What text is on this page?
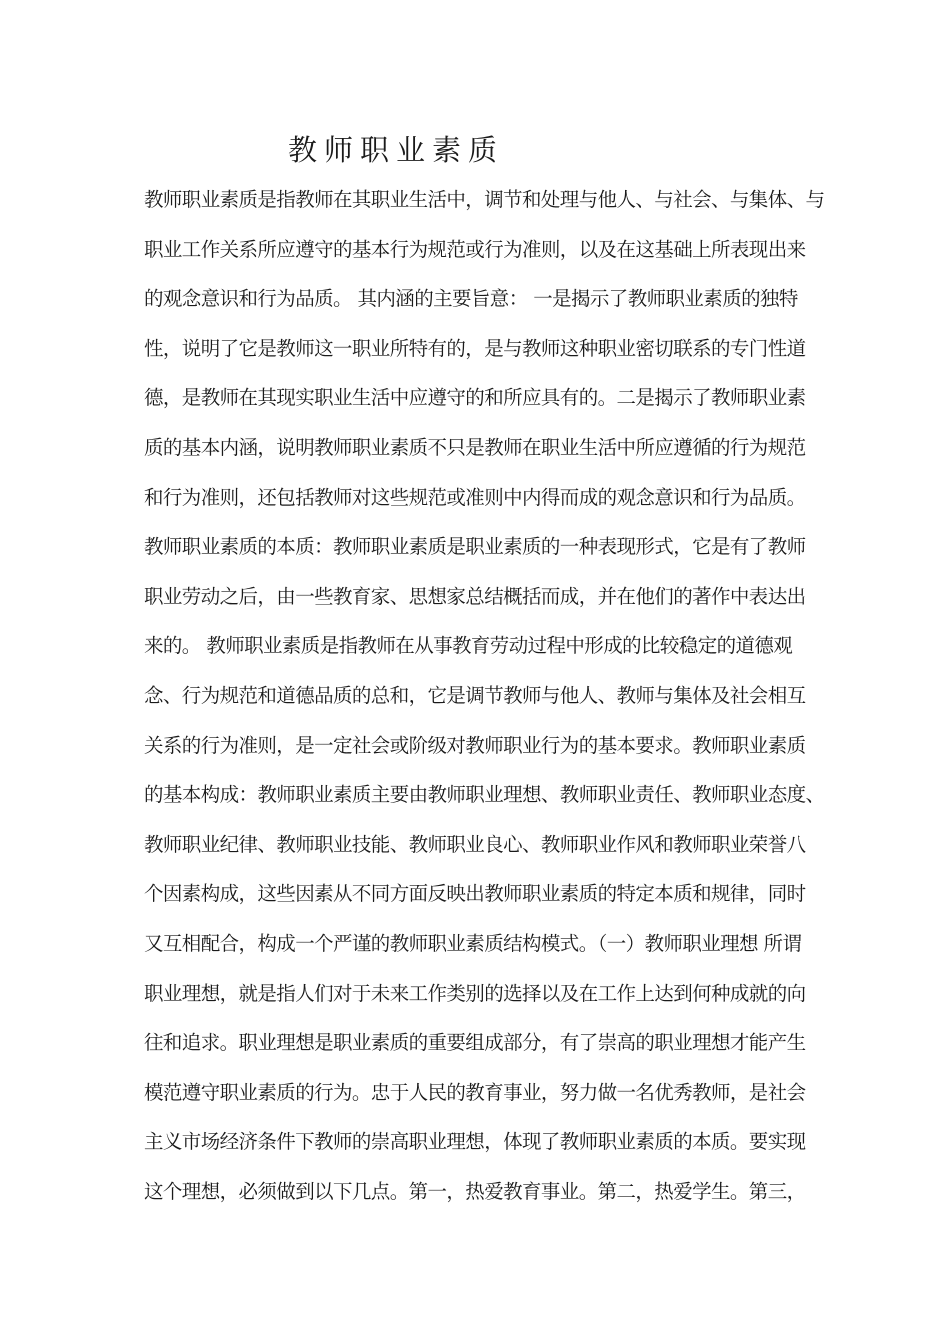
教师职业素质
教师职业素质是指教师在其职业生活中，调节和处理与他人、与社会、与集体、与
职业工作关系所应遵守的基本行为规范或行为准则，以及在这基础上所表现出来
的观念意识和行为品质。 其内涵的主要旨意： 一是揭示了教师职业素质的独特
性，说明了它是教师这一职业所特有的，是与教师这种职业密切联系的专门性道
德，是教师在其现实职业生活中应遵守的和所应具有的。二是揭示了教师职业素
质的基本内涵，说明教师职业素质不只是教师在职业生活中所应遵循的行为规范
和行为准则，还包括教师对这些规范或准则中内得而成的观念意识和行为品质。
教师职业素质的本质：教师职业素质是职业素质的一种表现形式，它是有了教师
职业劳动之后，由一些教育家、思想家总结概括而成，并在他们的著作中表达出
来的。 教师职业素质是指教师在从事教育劳动过程中形成的比较稳定的道德观
念、行为规范和道德品质的总和，它是调节教师与他人、教师与集体及社会相互
关系的行为准则，是一定社会或阶级对教师职业行为的基本要求。教师职业素质
的基本构成：教师职业素质主要由教师职业理想、教师职业责任、教师职业态度、
教师职业纪律、教师职业技能、教师职业良心、教师职业作风和教师职业荣誉八
个因素构成，这些因素从不同方面反映出教师职业素质的特定本质和规律，同时
又互相配合，构成一个严谨的教师职业素质结构模式。（一）教师职业理想 所谓
职业理想，就是指人们对于未来工作类别的选择以及在工作上达到何种成就的向
往和追求。职业理想是职业素质的重要组成部分，有了崇高的职业理想才能产生
模范遵守职业素质的行为。忠于人民的教育事业，努力做一名优秀教师，是社会
主义市场经济条件下教师的崇高职业理想，体现了教师职业素质的本质。要实现
这个理想，必须做到以下几点。第一，热爱教育事业。第二，热爱学生。第三，
